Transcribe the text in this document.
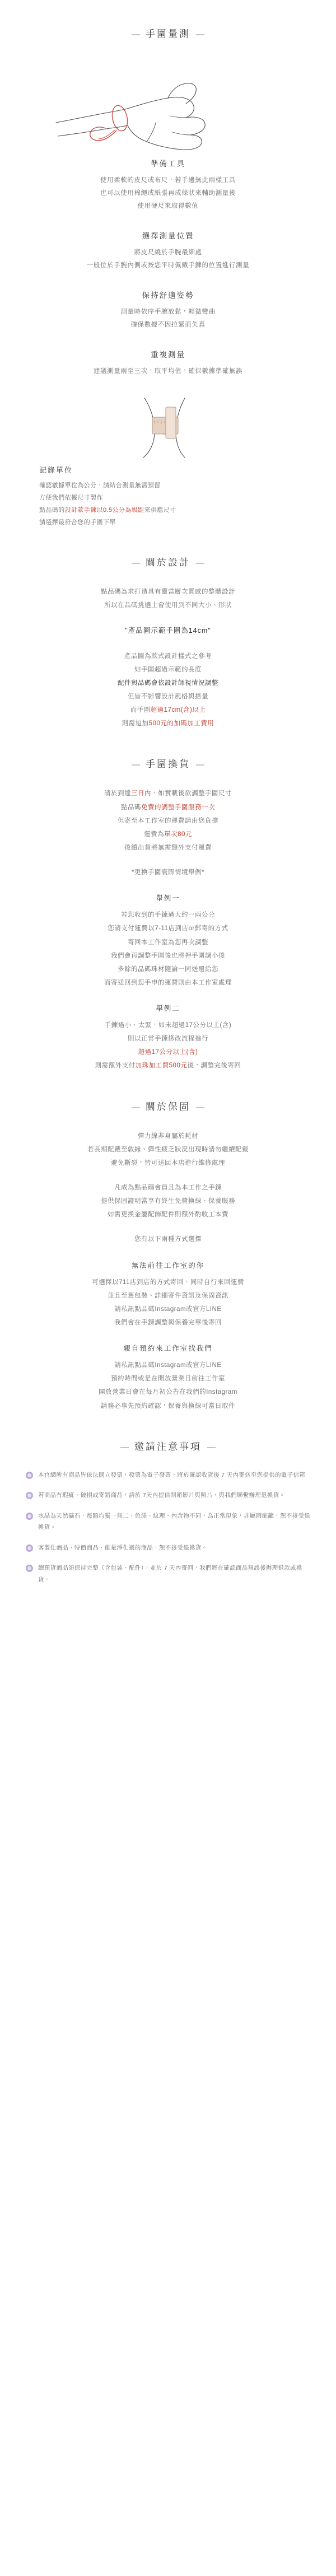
— 手圍量測 —
準備工具
使用柔軟的皮尺或布尺，若手邊無此兩樣工具
也可以使用棉繩或紙張再成條狀來輔助測量後
使用硬尺來取得數值
選擇測量位置
將皮尺繞於手腕最細處
一般位於手腕內側或按您平時佩戴手鍊的位置進行測量
保持舒適姿勢
測量時依序手腕放鬆，輕微彎曲
確保數據不因拉緊而失真
重複測量
建議測量兩至三次，取平均值，確保數據準確無誤
記錄單位
確認數據單位為公分，請結合測量無需預留
方便我們依據尺寸製作
點品碼的設計款手鍊以0.5公分為級距來供應尺寸
請選擇最符合您的手圍下單
— 關於設計 —
點品碼為求打造具有靈當層次質感的整體設計
所以在品碼挑選上會使用到不同大小、形狀
"產品圖示範手圍為14cm"
產品圖為款式設計樣式之參考
如手圍超過示範的長度
配件與品碼會依設計師視情況調整
但皆不影響設計風格與搭量
而手圍超過17cm(含)以上
則需追加500元的加碼加工費用
— 手圍換貨 —
請於到達三日內，如實載後欲調整手圍尺寸
點品碼免費的調整手圍服務一次
但寄至本工作室的運費請由您負擔
運費為單次80元
後續出貨將無需額外支付運費
*更換手圍寰際情境舉例*
舉例一
若您收到的手鍊過大約一兩公分
您請支付運費以7-11店到店or郵寄的方式
寄回本工作室為您再次調整
我們會再調整手圍後也將押手圍調小後
多餘的晶碼珠材隨論一同送還給您
而寄送回到您手申的運費則由本工作室處理
舉例二
手鍊過小、太緊，如未超過17公分以上(含)
則以正常手鍊修改流程進行
超過17公分以上(含)
則需額外支付加珠加工費500元後，調整完後寄回
— 關於保固 —
彈力線非身屬於耗材
若長期配戴至敦緣、彈性疲乏狀況出現時請勿繼續配戴
避免斷裂，皆可送回本店進行維修處理
凡成為點品碼會員且為本工作之手鍊
提供保固證明當享有終生免費換線、保養服務
如需更換金屬配飾配件則額外酌收工本費
您有以下兩種方式選擇
無法前往工作室的你
可選擇以711店到店的方式寄回，同時自行來回運費
並且至舊包裝、詳細寄件資訊及保固資訊
請私訊點品碼Instagram或官方LINE
我們會在手鍊調整與保養完畢後寄回
親自預約來工作室找我們
請私訊點品碼Instagram或官方LINE
預約時間或是在開放營業日前往工作室
開放營業日會在每月初公告在我們的Instagram
請務必事先預約確認，保養與換線可當日取件
— 邀請注意事項 —
本官網所有商品皆依法開立發票，發票為電子發票，將於確認收貨後 7 天內寄送至您提供的電子信箱
若商品有瑕疵、破損或寄錯商品，請於 7天內提供開箱影片與照片，與我們聯繫辦理退換貨。
水晶為天然礦石，每顆均獨一無二、色澤、紋理、內含物不同，為正常現象，非屬瑕疵籲，恕不接受退換貨。
客製化商品、特價商品、能量淨化過的商品，恕不接受退換貨。
總預貨商品須保持完整（含包裝、配件），並於 7 天內寄回，我們將在確認商品無誤後辦理退款或換貨。
